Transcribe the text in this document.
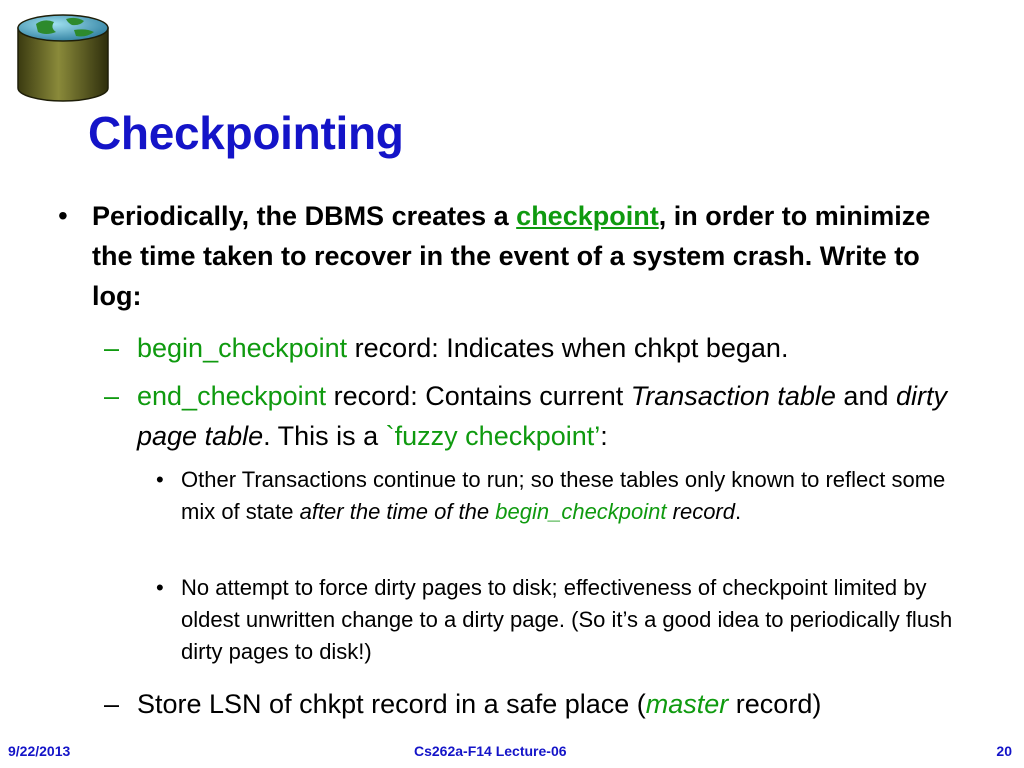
Checkpointing
• Periodically, the DBMS creates a checkpoint, in order to minimize the time taken to recover in the event of a system crash. Write to log:
– begin_checkpoint record: Indicates when chkpt began.
– end_checkpoint record: Contains current Transaction table and dirty page table. This is a `fuzzy checkpoint’:
• Other Transactions continue to run; so these tables only known to reflect some mix of state after the time of the begin_checkpoint record.
• No attempt to force dirty pages to disk; effectiveness of checkpoint limited by oldest unwritten change to a dirty page. (So it’s a good idea to periodically flush dirty pages to disk!)
– Store LSN of chkpt record in a safe place (master record)
9/22/2013	Cs262a-F14 Lecture-06	20
